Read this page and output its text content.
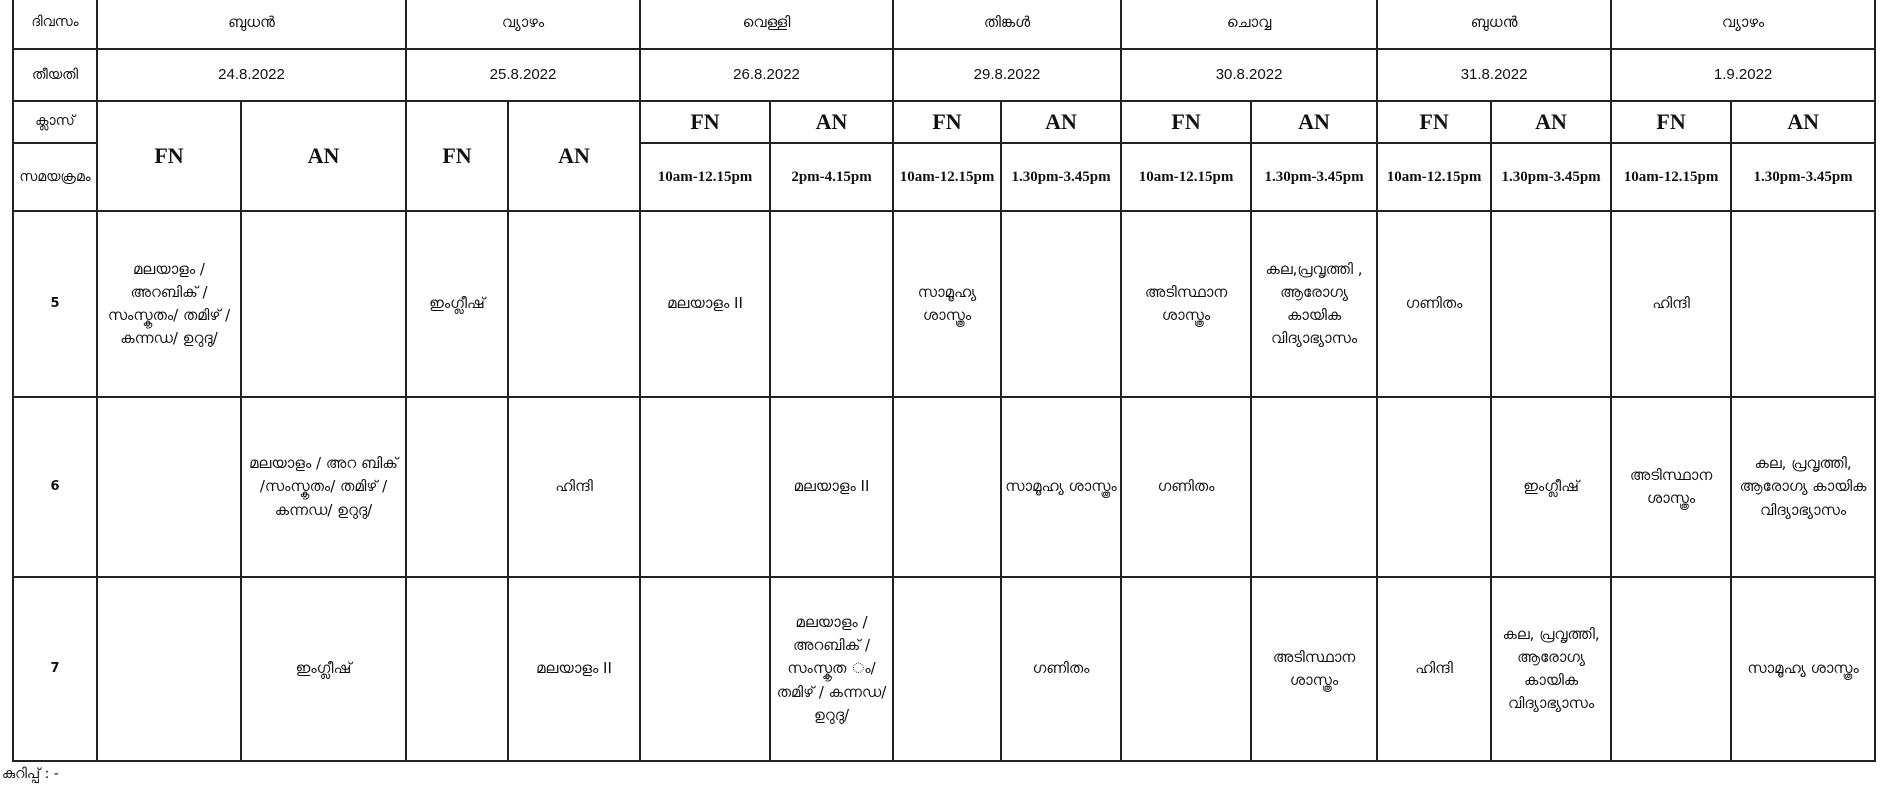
ദിവസം	ബുധൻ		വ്യാഴം		വെള്ളി		തിങ്കൾ		ചൊവ്വ		ബുധൻ		വ്യാഴം	
തീയതി	24.8.2022		25.8.2022		26.8.2022		29.8.2022		30.8.2022		31.8.2022		1.9.2022	
ക്ലാസ്	FN	AN	FN	AN	FN	AN	FN	AN	FN	AN	FN	AN	FN	AN
സമയക്രമം					10am-12.15pm	2pm-4.15pm	10am-12.15pm	1.30pm-3.45pm	10am-12.15pm	1.30pm-3.45pm	10am-12.15pm	1.30pm-3.45pm	10am-12.15pm	1.30pm-3.45pm
5	മലയാളം / അറബിക് /സംസ്കൃതം/ തമിഴ് / കന്നഡ/ ഉറുദു/		ഇംഗ്ലീഷ്		മലയാളം II		സാമൂഹ്യ ശാസ്ത്രം		അടിസ്ഥാന ശാസ്ത്രം	കല,പ്രവൃത്തി , ആരോഗ്യ കായിക വിദ്യാഭ്യാസം	ഗണിതം		ഹിന്ദി	
6		മലയാളം / അറ ബിക് /സംസ്കൃതം/ തമിഴ് / കന്നഡ/ ഉറുദു/		ഹിന്ദി		മലയാളം II		സാമൂഹ്യ ശാസ്ത്രം	ഗണിതം			ഇംഗ്ലീഷ്	അടിസ്ഥാന ശാസ്ത്രം	കല, പ്രവൃത്തി, ആരോഗ്യ കായിക വിദ്യാഭ്യാസം
7		ഇംഗ്ലീഷ്		മലയാളം II		മലയാളം / അറബിക് /സംസ്കൃത ം/തമിഴ് / കന്നഡ/ ഉറുദു/		ഗണിതം		അടിസ്ഥാന ശാസ്ത്രം	ഹിന്ദി	കല, പ്രവൃത്തി, ആരോഗ്യ കായിക വിദ്യാഭ്യാസം		സാമൂഹ്യ ശാസ്ത്രം
കുറിപ്പ് : -
